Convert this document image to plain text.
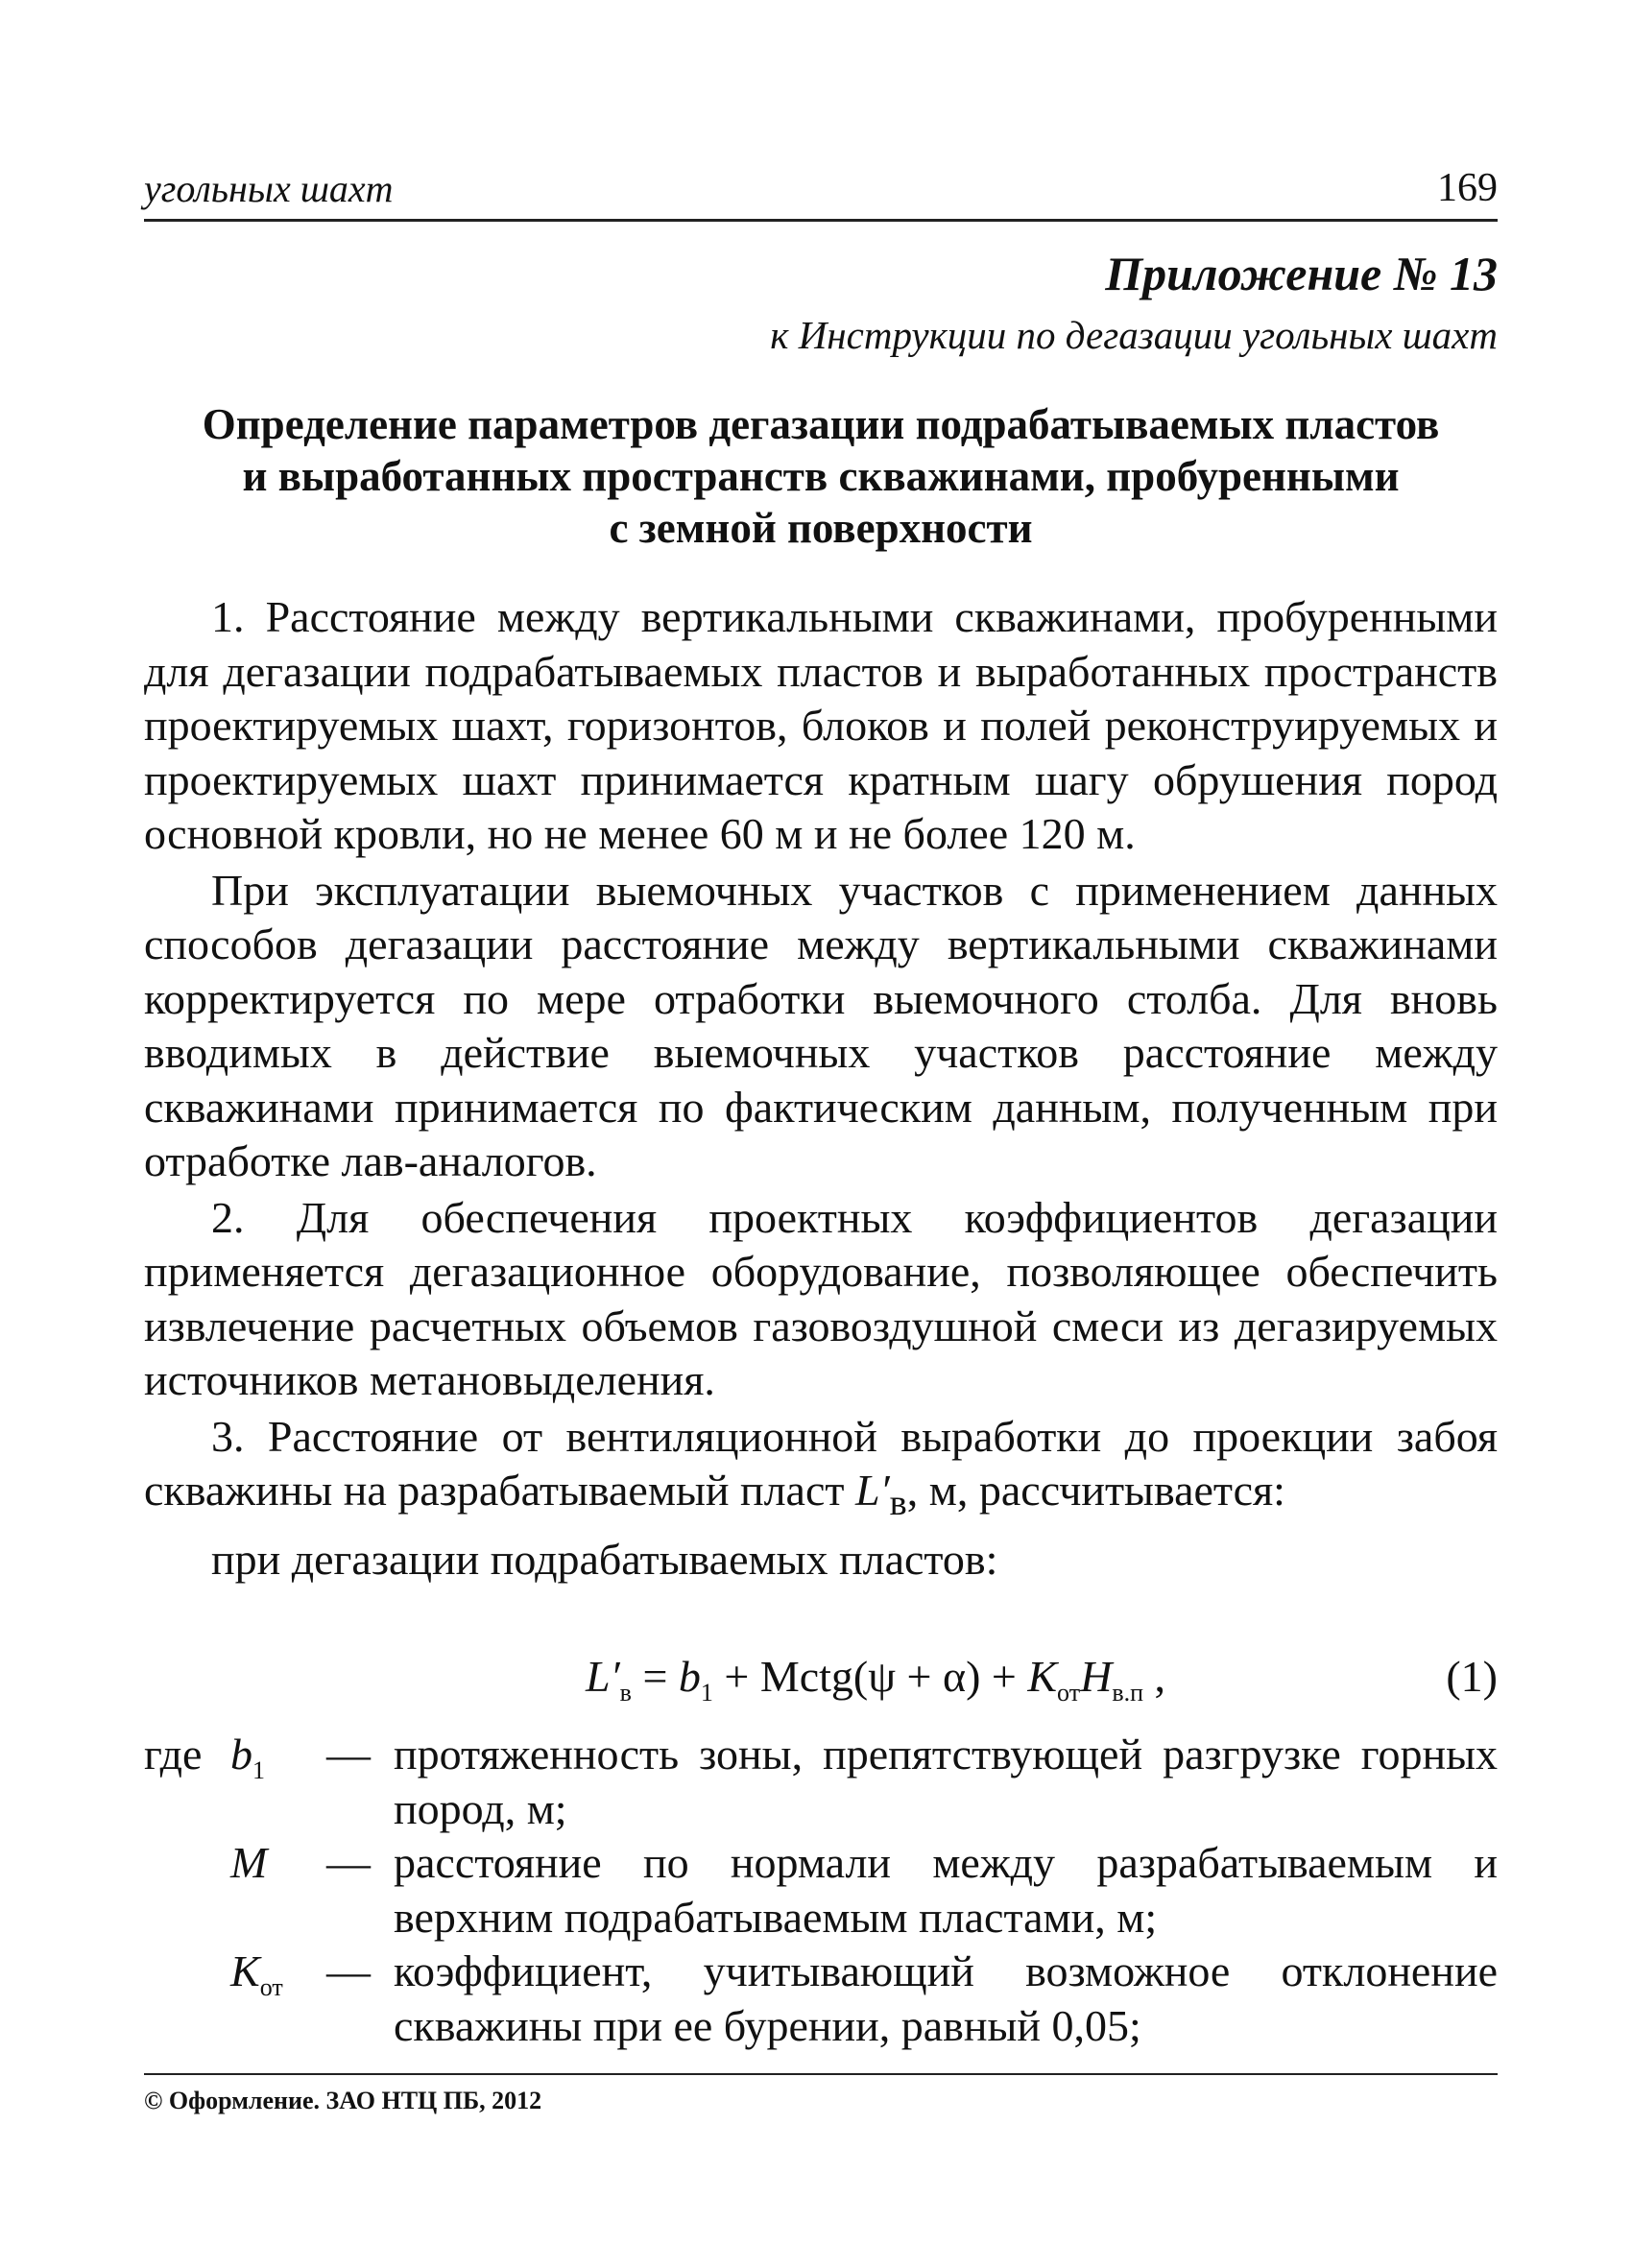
угольных шахт	169
Приложение № 13
к Инструкции по дегазации угольных шахт
Определение параметров дегазации подрабатываемых пластов
и выработанных пространств скважинами, пробуренными
с земной поверхности

1. Расстояние между вертикальными скважинами, пробуренными для дегазации подрабатываемых пластов и выработанных пространств проектируемых шахт, горизонтов, блоков и полей реконструируемых и проектируемых шахт принимается кратным шагу обрушения пород основной кровли, но не менее 60 м и не более 120 м.

При эксплуатации выемочных участков с применением данных способов дегазации расстояние между вертикальными скважинами корректируется по мере отработки выемочного столба. Для вновь вводимых в действие выемочных участков расстояние между скважинами принимается по фактическим данным, полученным при отработке лав-аналогов.

2. Для обеспечения проектных коэффициентов дегазации применяется дегазационное оборудование, позволяющее обеспечить извлечение расчетных объемов газовоздушной смеси из дегазируемых источников метановыделения.

3. Расстояние от вентиляционной выработки до проекции забоя скважины на разрабатываемый пласт $L'_в$, м, рассчитывается:

при дегазации подрабатываемых пластов:

$L'_в = b_1$ + Mctg(ψ + $\alpha) + K_{от}H_{в.п}$ ,	(1)
где $b_1$	— протяженность зоны, препятствующей разгрузке горных пород, м;
M	— расстояние по нормали между разрабатываемым и верхним подрабатываемым пластами, м;
$K_{от}$ — коэффициент, учитывающий возможное отклонение скважины при ее бурении, равный 0,05;
© Оформление. ЗАО НТЦ ПБ, 2012
